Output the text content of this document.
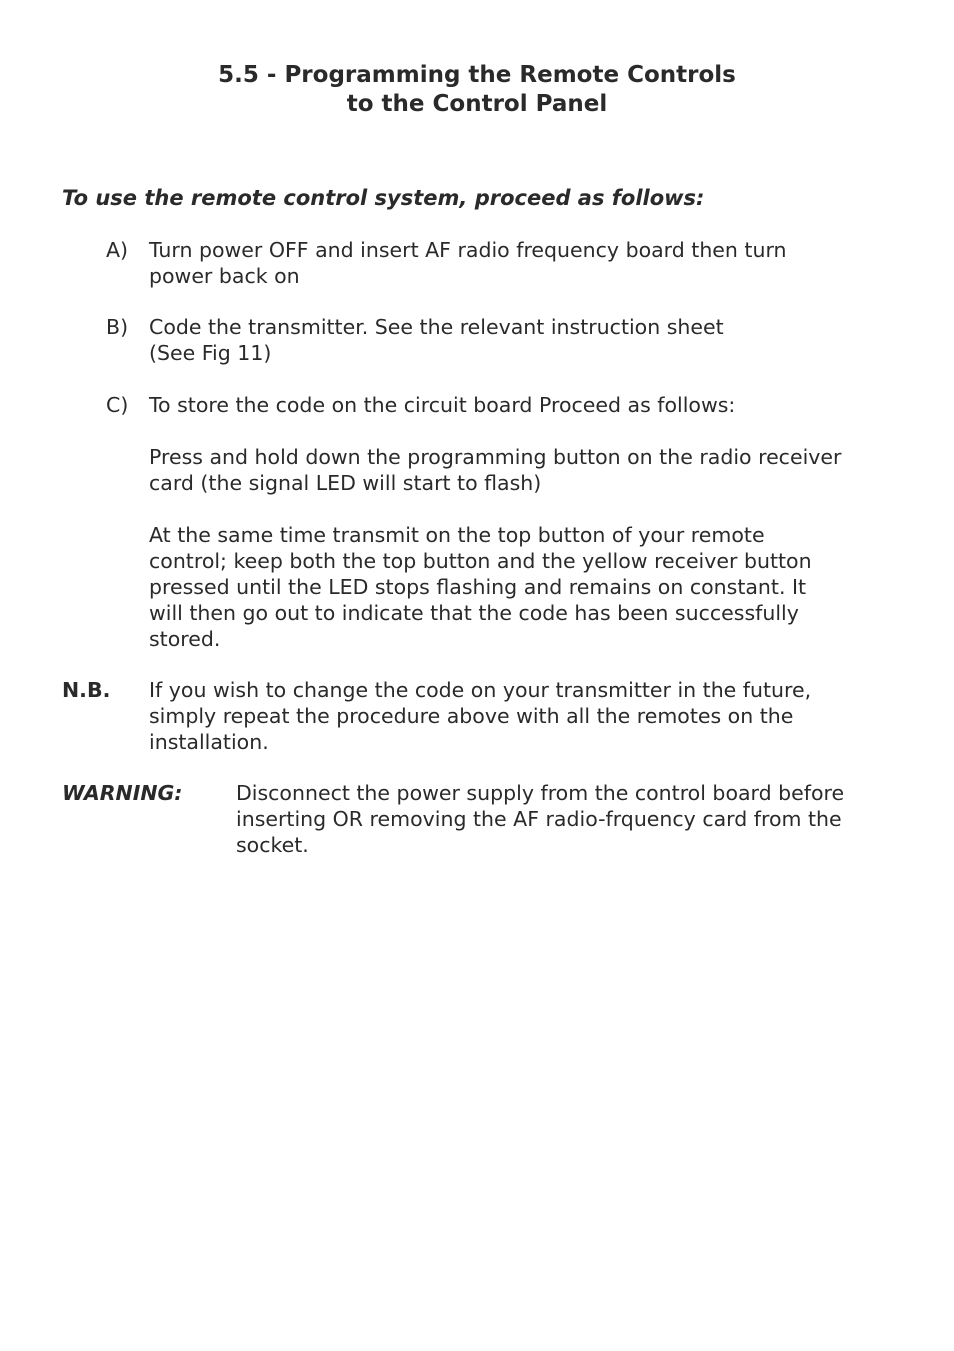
5.5 - Programming the Remote Controls
to the Control Panel
To use the remote control system, proceed as follows:
A) Turn power OFF and insert AF radio frequency board then turn
power back on
B) Code the transmitter. See the relevant instruction sheet
(See Fig 11)
C) To store the code on the circuit board Proceed as follows:
Press and hold down the programming button on the radio receiver
card (the signal LED will start to flash)
At the same time transmit on the top button of your remote
control; keep both the top button and the yellow receiver button
pressed until the LED stops flashing and remains on constant. It
will then go out to indicate that the code has been successfully
stored.
N.B. If you wish to change the code on your transmitter in the future,
simply repeat the procedure above with all the remotes on the
installation.
WARNING:	Disconnect the power supply from the control board before
inserting OR removing the AF radio-frquency card from the
socket.
